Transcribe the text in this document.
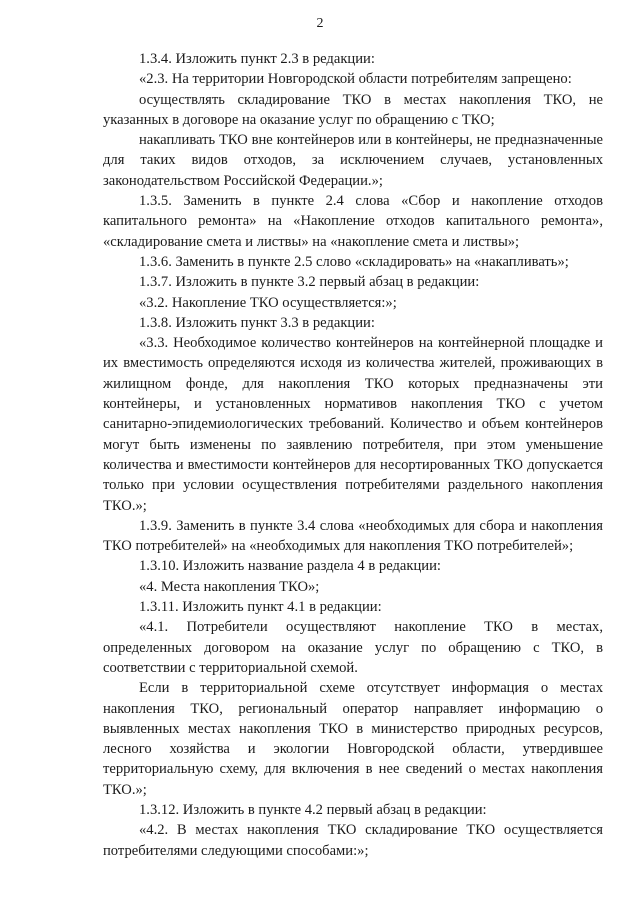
2

1.3.4. Изложить пункт 2.3 в редакции:

«2.3. На территории Новгородской области потребителям запрещено:

осуществлять складирование ТКО в местах накопления ТКО, не указанных в договоре на оказание услуг по обращению с ТКО;

накапливать ТКО вне контейнеров или в контейнеры, не предназначенные для таких видов отходов, за исключением случаев, установленных законодательством Российской Федерации.»;

1.3.5. Заменить в пункте 2.4 слова «Сбор и накопление отходов капитального ремонта» на «Накопление отходов капитального ремонта», «складирование смета и листвы» на «накопление смета и листвы»;

1.3.6. Заменить в пункте 2.5 слово «складировать» на «накапливать»;

1.3.7. Изложить в пункте 3.2 первый абзац в редакции:

«3.2. Накопление ТКО осуществляется:»;

1.3.8. Изложить пункт 3.3 в редакции:

«3.3. Необходимое количество контейнеров на контейнерной площадке и их вместимость определяются исходя из количества жителей, проживающих в жилищном фонде, для накопления ТКО которых предназначены эти контейнеры, и установленных нормативов накопления ТКО с учетом санитарно-эпидемиологических требований. Количество и объем контейнеров могут быть изменены по заявлению потребителя, при этом уменьшение количества и вместимости контейнеров для несортированных ТКО допускается только при условии осуществления потребителями раздельного накопления ТКО.»;

1.3.9. Заменить в пункте 3.4 слова «необходимых для сбора и накопления ТКО потребителей» на «необходимых для накопления ТКО потребителей»;

1.3.10. Изложить название раздела 4 в редакции:

«4. Места накопления ТКО»;

1.3.11. Изложить пункт 4.1 в редакции:

«4.1. Потребители осуществляют накопление ТКО в местах, определенных договором на оказание услуг по обращению с ТКО, в соответствии с территориальной схемой.

Если в территориальной схеме отсутствует информация о местах накопления ТКО, региональный оператор направляет информацию о выявленных местах накопления ТКО в министерство природных ресурсов, лесного хозяйства и экологии Новгородской области, утвердившее территориальную схему, для включения в нее сведений о местах накопления ТКО.»;

1.3.12. Изложить в пункте 4.2 первый абзац в редакции:

«4.2. В местах накопления ТКО складирование ТКО осуществляется потребителями следующими способами:»;
